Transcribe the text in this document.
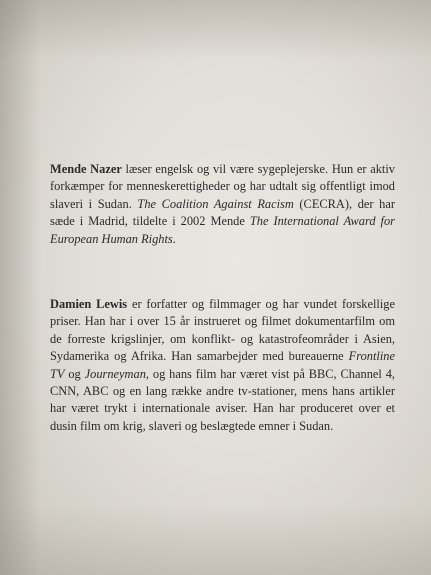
Mende Nazer læser engelsk og vil være sygeplejerske. Hun er aktiv forkæmper for menneskerettigheder og har udtalt sig offentligt imod slaveri i Sudan. The Coalition Against Racism (CECRA), der har sæde i Madrid, tildelte i 2002 Mende The International Award for European Human Rights.

Damien Lewis er forfatter og filmmager og har vundet forskellige priser. Han har i over 15 år instrueret og filmet dokumentarfilm om de forreste krigslinjer, om konflikt- og katastrofeområder i Asien, Sydamerika og Afrika. Han samarbejder med bureauerne Frontline TV og Journeyman, og hans film har været vist på BBC, Channel 4, CNN, ABC og en lang række andre tv-stationer, mens hans artikler har været trykt i internationale aviser. Han har produceret over et dusin film om krig, slaveri og beslægtede emner i Sudan.
